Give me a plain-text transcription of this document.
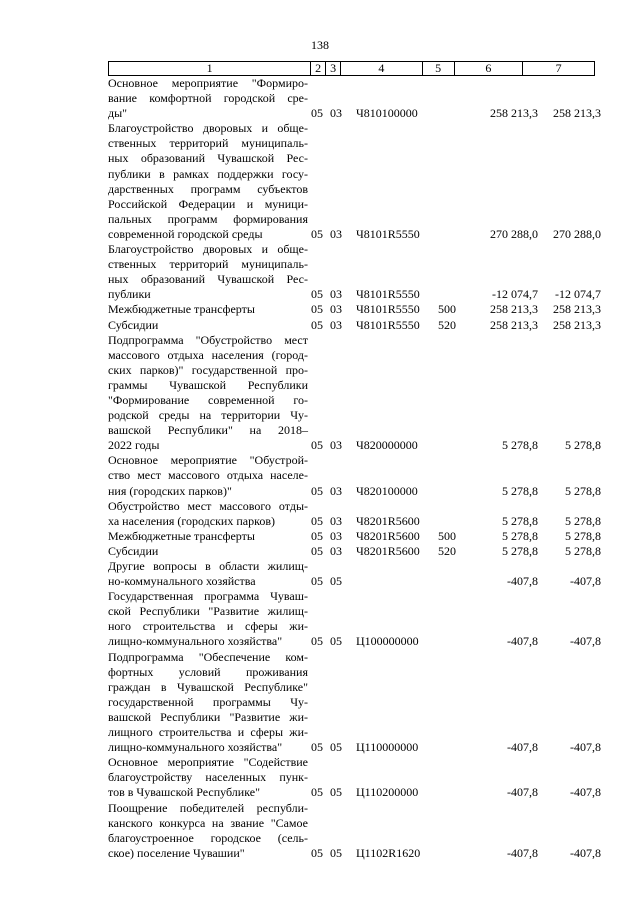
138
1	2 3	4	5	6	7
Основное мероприятие "Формиро-
вание комфортной городской сре-
ды"	05 03 Ч810100000	258 213,3 258 213,3
Благоустройство дворовых и обще-
ственных территорий муниципаль-
ных образований Чувашской Рес-
публики в рамках поддержки госу-
дарственных программ субъектов
Российской Федерации и муници-
пальных программ формирования
современной городской среды	05 03 Ч8101R5550	270 288,0 270 288,0
Благоустройство дворовых и обще-
ственных территорий муниципаль-
ных образований Чувашской Рес-
публики	05 03 Ч8101R5550	-12 074,7 -12 074,7
Межбюджетные трансферты	05 03 Ч8101R5550 500	258 213,3 258 213,3
Субсидии	05 03 Ч8101R5550 520	258 213,3 258 213,3
Подпрограмма "Обустройство мест
массового отдыха населения (город-
ских парков)" государственной про-
граммы Чувашской Республики
"Формирование современной го-
родской среды на территории Чу-
вашской Республики" на 2018–
2022 годы	05 03 Ч820000000	5 278,8 5 278,8
Основное мероприятие "Обустрой-
ство мест массового отдыха населе-
ния (городских парков)"	05 03 Ч820100000	5 278,8 5 278,8
Обустройство мест массового отды-
ха населения (городских парков)	05 03 Ч8201R5600	5 278,8 5 278,8
Межбюджетные трансферты	05 03 Ч8201R5600 500	5 278,8 5 278,8
Субсидии	05 03 Ч8201R5600 520	5 278,8 5 278,8
Другие вопросы в области жилищ-
но-коммунального хозяйства	05 05	-407,8	-407,8
Государственная программа Чуваш-
ской Республики "Развитие жилищ-
ного строительства и сферы жи-
лищно-коммунального хозяйства"	05 05 Ц100000000	-407,8	-407,8
Подпрограмма "Обеспечение ком-
фортных условий проживания
граждан в Чувашской Республике"
государственной программы Чу-
вашской Республики "Развитие жи-
лищного строительства и сферы жи-
лищно-коммунального хозяйства"	05 05 Ц110000000	-407,8	-407,8
Основное мероприятие "Содействие
благоустройству населенных пунк-
тов в Чувашской Республике"	05 05 Ц110200000	-407,8	-407,8
Поощрение победителей республи-
канского конкурса на звание "Самое
благоустроенное городское (сель-
ское) поселение Чувашии"	05 05 Ц1102R1620	-407,8	-407,8
